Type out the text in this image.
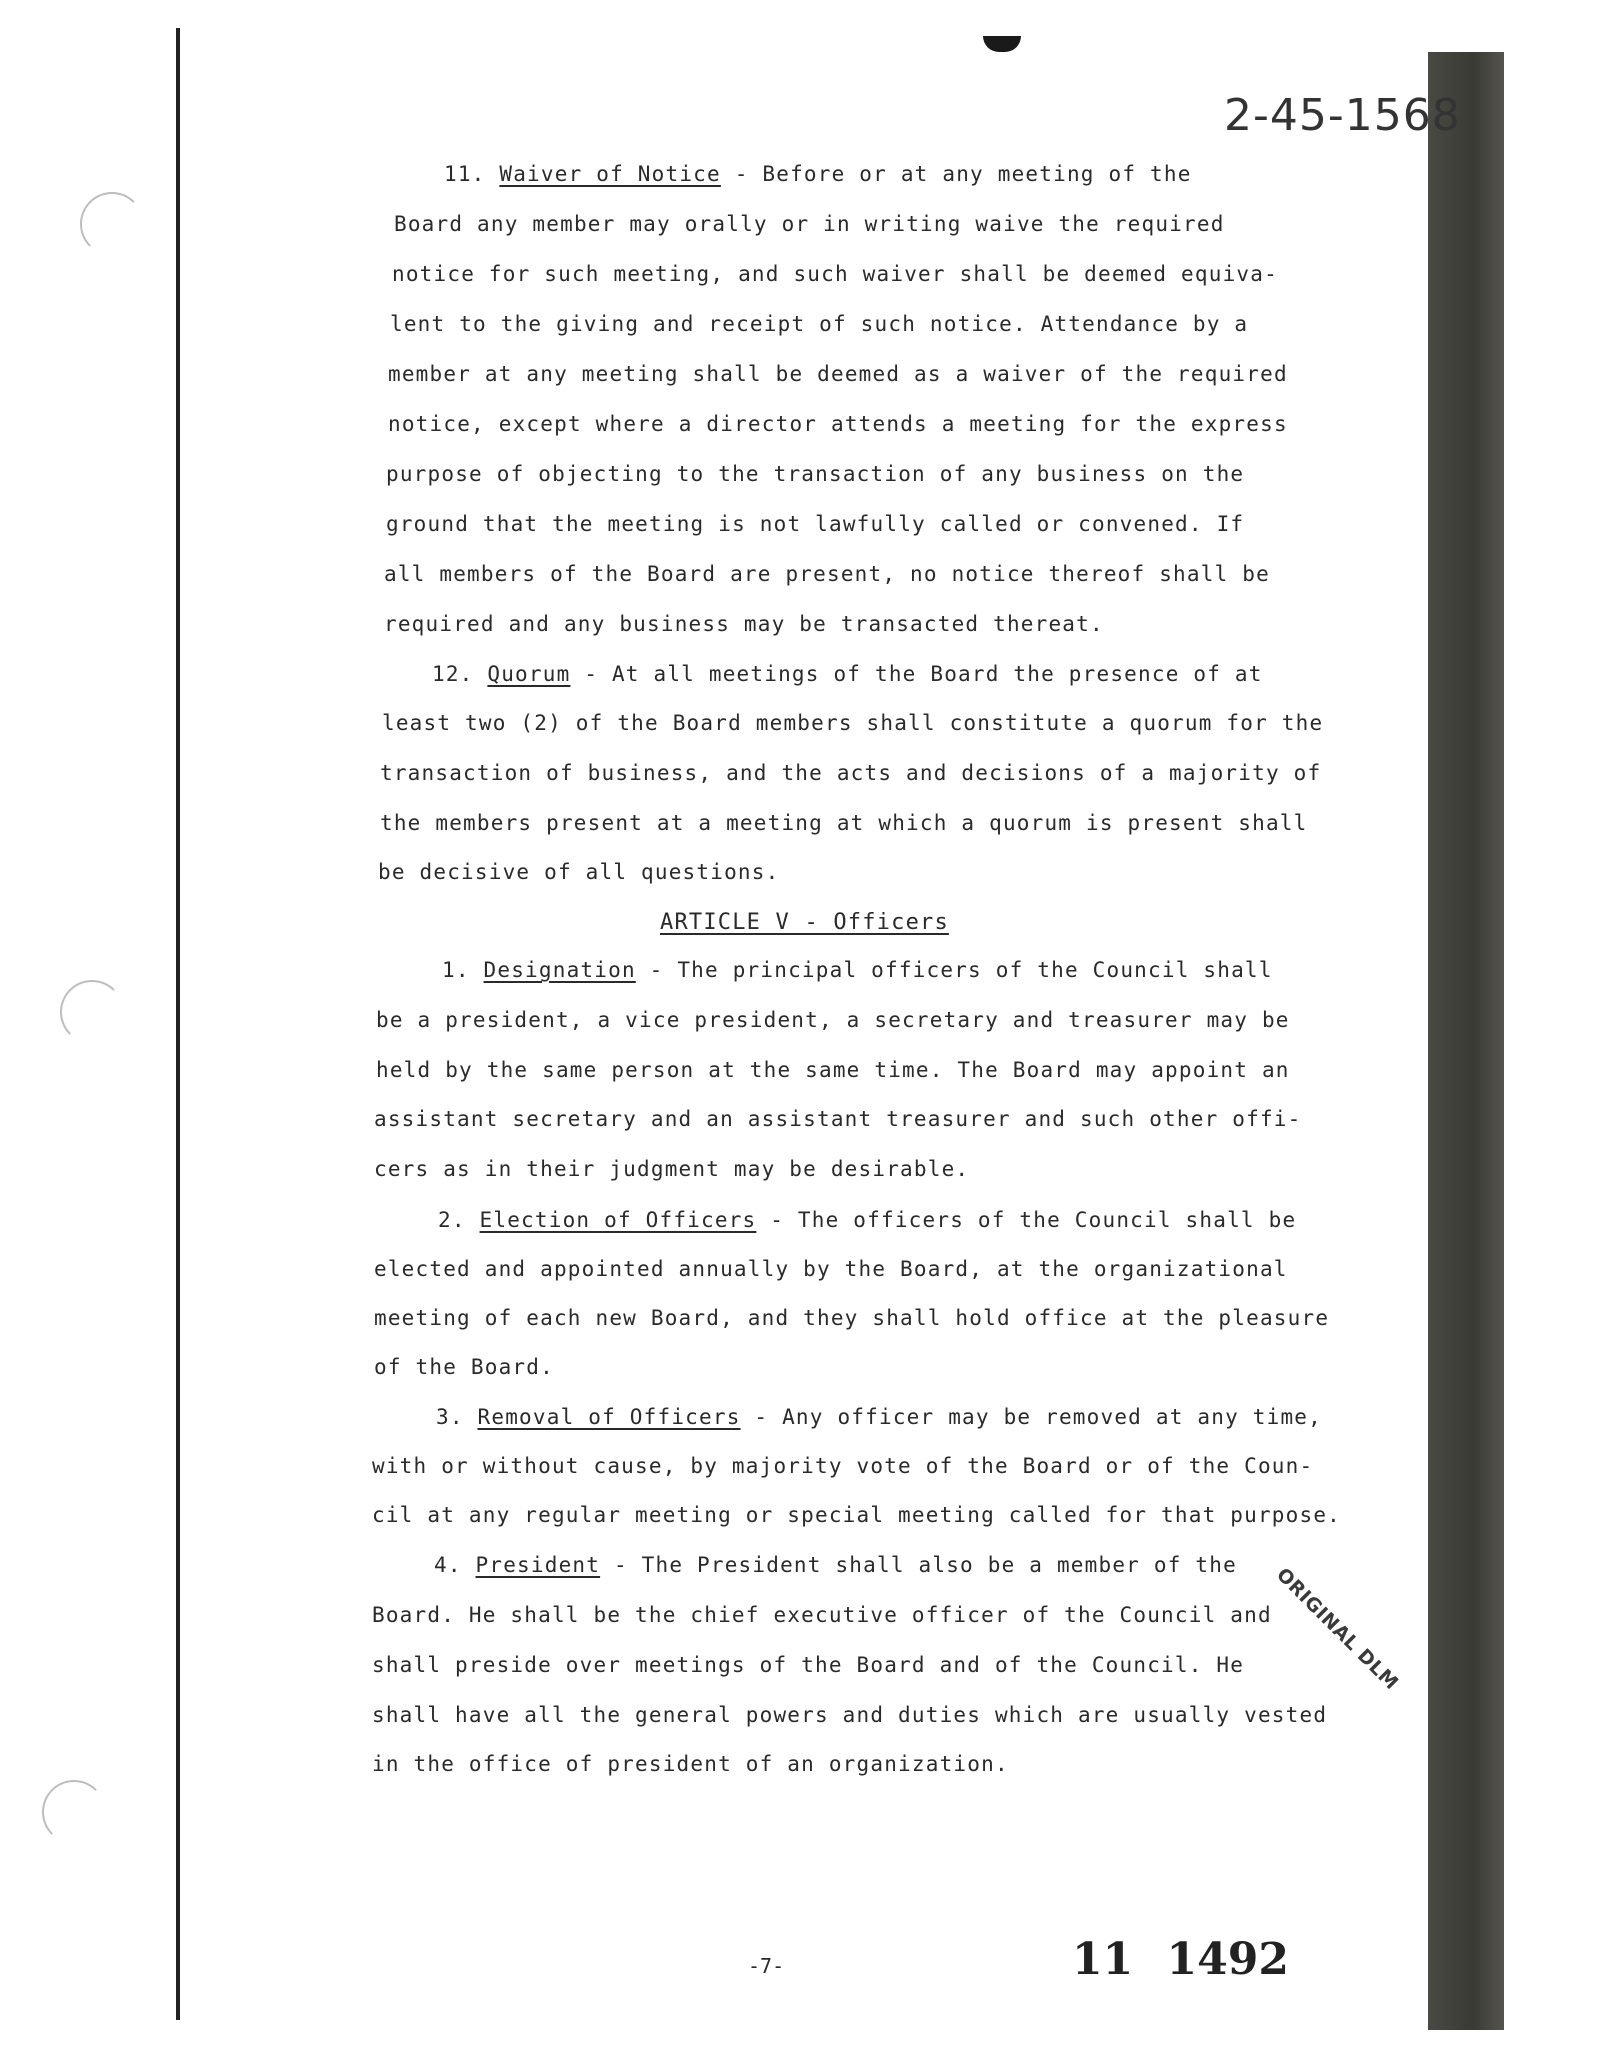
2-45-1568
11. Waiver of Notice - Before or at any meeting of the
Board any member may orally or in writing waive the required
notice for such meeting, and such waiver shall be deemed equiva-
lent to the giving and receipt of such notice. Attendance by a
member at any meeting shall be deemed as a waiver of the required
notice, except where a director attends a meeting for the express
purpose of objecting to the transaction of any business on the
ground that the meeting is not lawfully called or convened. If
all members of the Board are present, no notice thereof shall be
required and any business may be transacted thereat.
12. Quorum - At all meetings of the Board the presence of at
least two (2) of the Board members shall constitute a quorum for the
transaction of business, and the acts and decisions of a majority of
the members present at a meeting at which a quorum is present shall
be decisive of all questions.
ARTICLE V - Officers
1. Designation - The principal officers of the Council shall
be a president, a vice president, a secretary and treasurer may be
held by the same person at the same time. The Board may appoint an
assistant secretary and an assistant treasurer and such other offi-
cers as in their judgment may be desirable.
2. Election of Officers - The officers of the Council shall be
elected and appointed annually by the Board, at the organizational
meeting of each new Board, and they shall hold office at the pleasure
of the Board.
3. Removal of Officers - Any officer may be removed at any time,
with or without cause, by majority vote of the Board or of the Coun-
cil at any regular meeting or special meeting called for that purpose.
4. President - The President shall also be a member of the
Board. He shall be the chief executive officer of the Council and
shall preside over meetings of the Board and of the Council. He
shall have all the general powers and duties which are usually vested
in the office of president of an organization.
ORIGINAL DLM
-7-	11 1492
